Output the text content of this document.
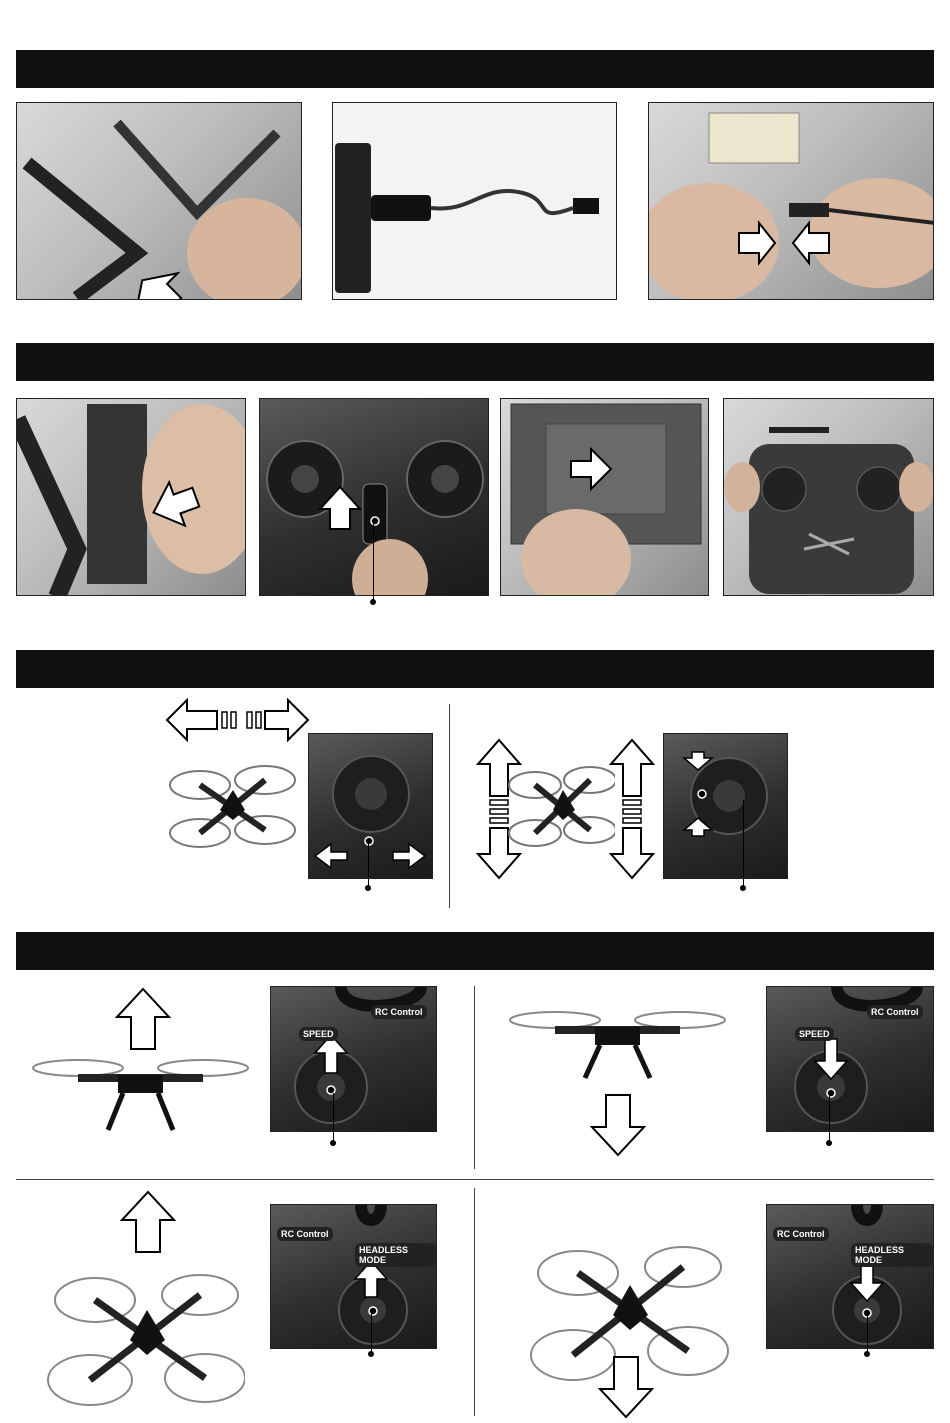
SPEED
RC Control
SPEED
RC Control
RC Control
HEADLESS MODE
RC Control
HEADLESS MODE
